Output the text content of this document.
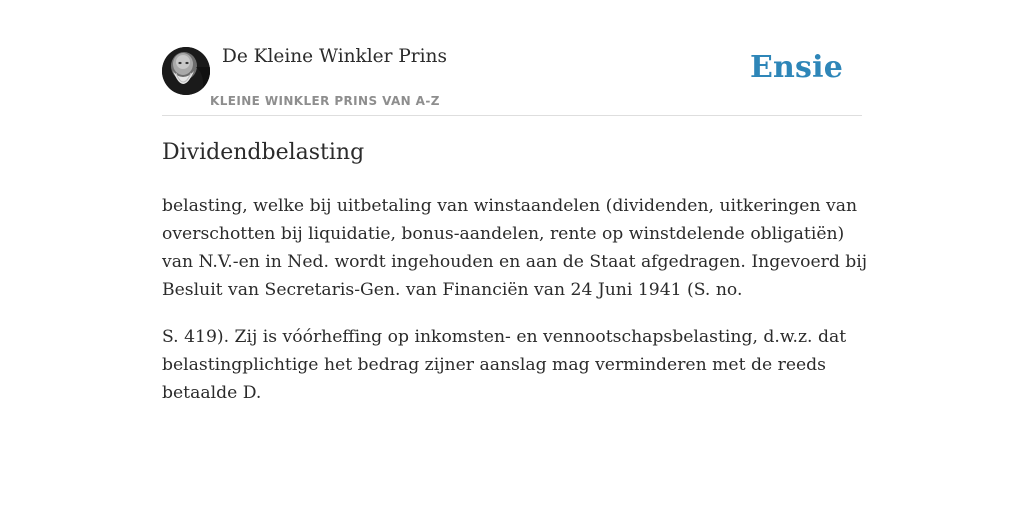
De Kleine Winkler Prins
KLEINE WINKLER PRINS VAN A-Z
Ensie
Dividendbelasting

belasting, welke bij uitbetaling van winstaandelen (dividenden, uitkeringen van
overschotten bij liquidatie, bonus-aandelen, rente op winstdelende obligatiën)
van N.V.-en in Ned. wordt ingehouden en aan de Staat afgedragen. Ingevoerd bij
Besluit van Secretaris-Gen. van Financiën van 24 Juni 1941 (S. no.

S. 419). Zij is vóórheffing op inkomsten- en vennootschapsbelasting, d.w.z. dat
belastingplichtige het bedrag zijner aanslag mag verminderen met de reeds
betaalde D.
